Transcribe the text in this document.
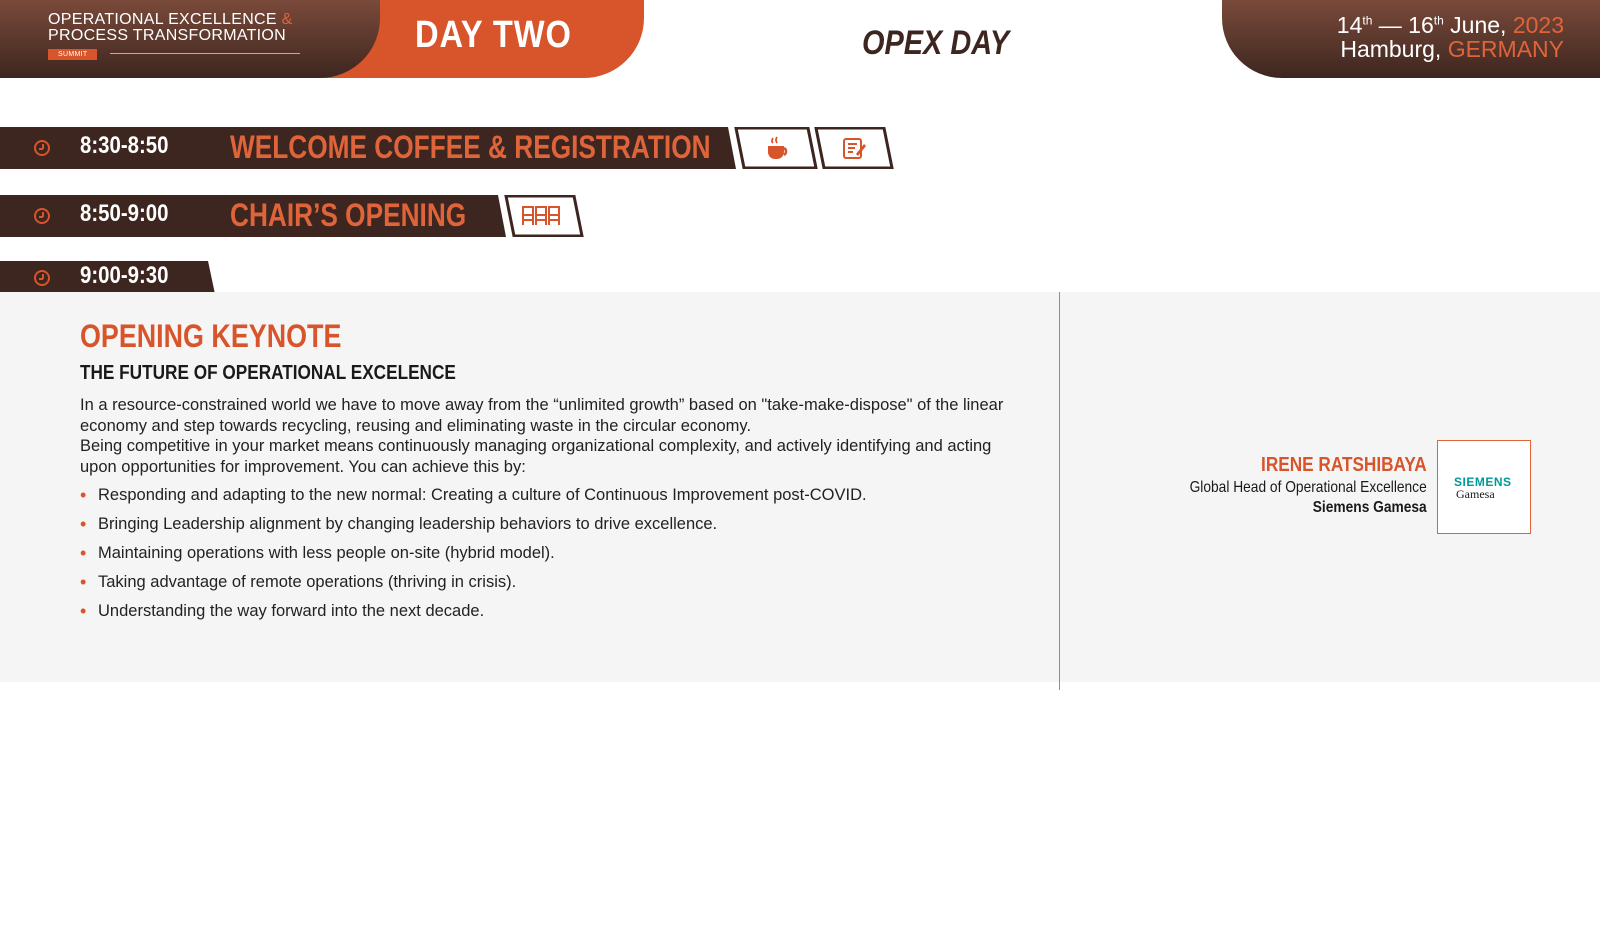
OPERATIONAL EXCELLENCE &
PROCESS TRANSFORMATION
SUMMIT	DAY TWO	OPEX DAY	14th — 16th June, 2023
Hamburg, GERMANY
8:30-8:50 WELCOME COFFEE & REGISTRATION
8:50-9:00 CHAIR’S OPENING
9:00-9:30
OPENING KEYNOTE
THE FUTURE OF OPERATIONAL EXCELENCE

In a resource-constrained world we have to move away from the “unlimited growth” based on "take-make-dispose" of the linear economy and step towards recycling, reusing and eliminating waste in the circular economy.

Being competitive in your market means continuously managing organizational complexity, and actively identifying and acting upon opportunities for improvement. You can achieve this by:

• Responding and adapting to the new normal: Creating a culture of Continuous Improvement post-COVID.
• Bringing Leadership alignment by changing leadership behaviors to drive excellence.
• Maintaining operations with less people on-site (hybrid model).
• Taking advantage of remote operations (thriving in crisis).
• Understanding the way forward into the next decade.
IRENE RATSHIBAYA
Global Head of Operational Excellence
Siemens Gamesa
SIEMENS
Gamesa
